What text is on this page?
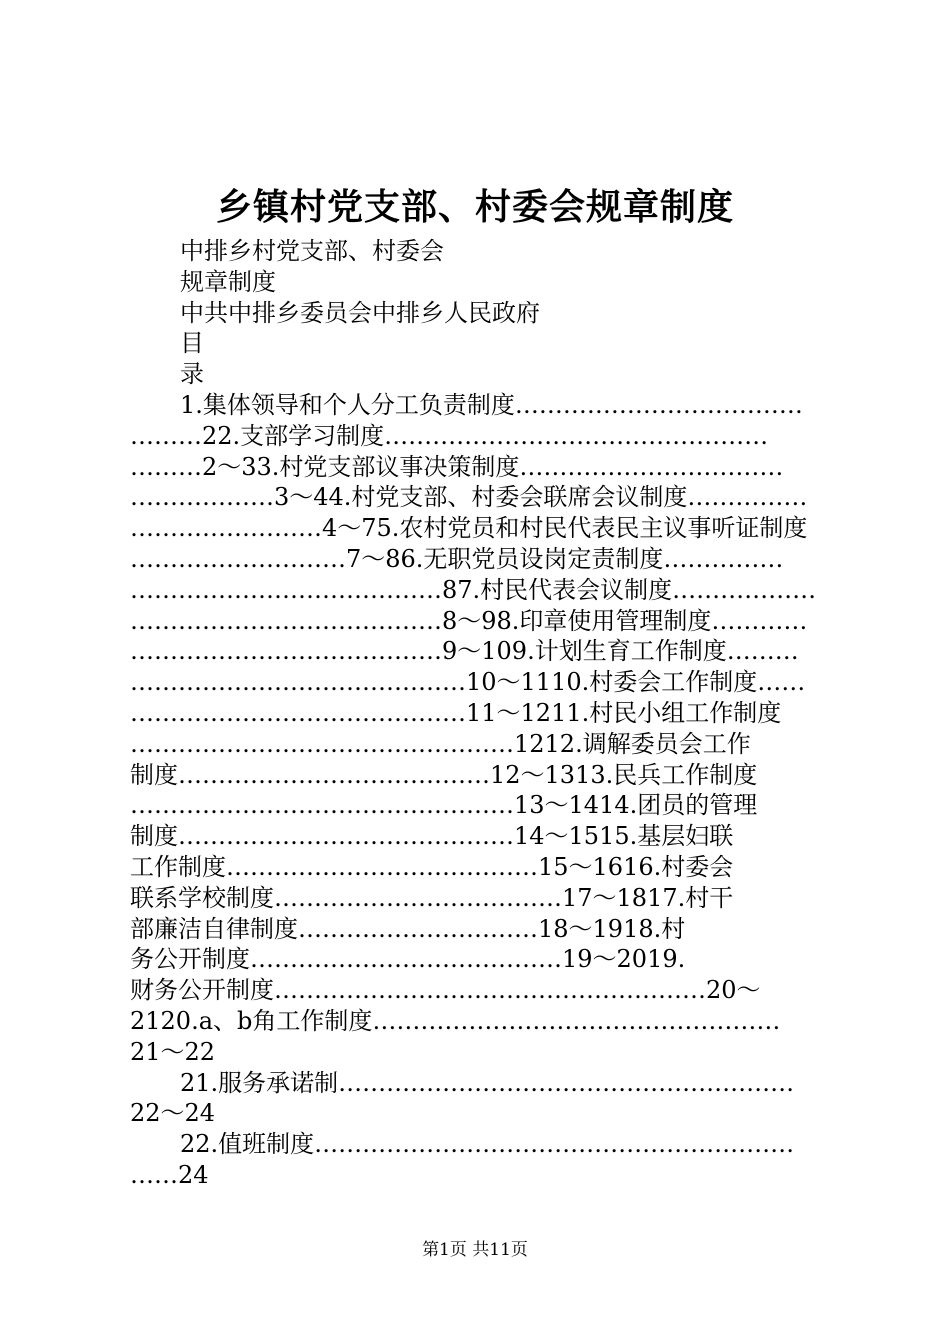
乡镇村党支部、村委会规章制度
中排乡村党支部、村委会
规章制度
中共中排乡委员会中排乡人民政府
目
录
1.集体领导和个人分工负责制度………………………………
………22.支部学习制度…………………………………………
………2～33.村党支部议事决策制度……………………………
………………3～44.村党支部、村委会联席会议制度……………
……………………4～75.农村党员和村民代表民主议事听证制度
………………………7～86.无职党员设岗定责制度……………
…………………………………87.村民代表会议制度………………
…………………………………8～98.印章使用管理制度…………
…………………………………9～109.计划生育工作制度………
……………………………………10～1110.村委会工作制度……
……………………………………11～1211.村民小组工作制度
…………………………………………1212.调解委员会工作
制度…………………………………12～1313.民兵工作制度
…………………………………………13～1414.团员的管理
制度……………………………………14～1515.基层妇联
工作制度…………………………………15～1616.村委会
联系学校制度………………………………17～1817.村干
部廉洁自律制度…………………………18～1918.村
务公开制度…………………………………19～2019.
财务公开制度………………………………………………20～
2120.a、b角工作制度……………………………………………
21～22
21.服务承诺制…………………………………………………
22～24
22.值班制度……………………………………………………
……24
第1页 共11页
